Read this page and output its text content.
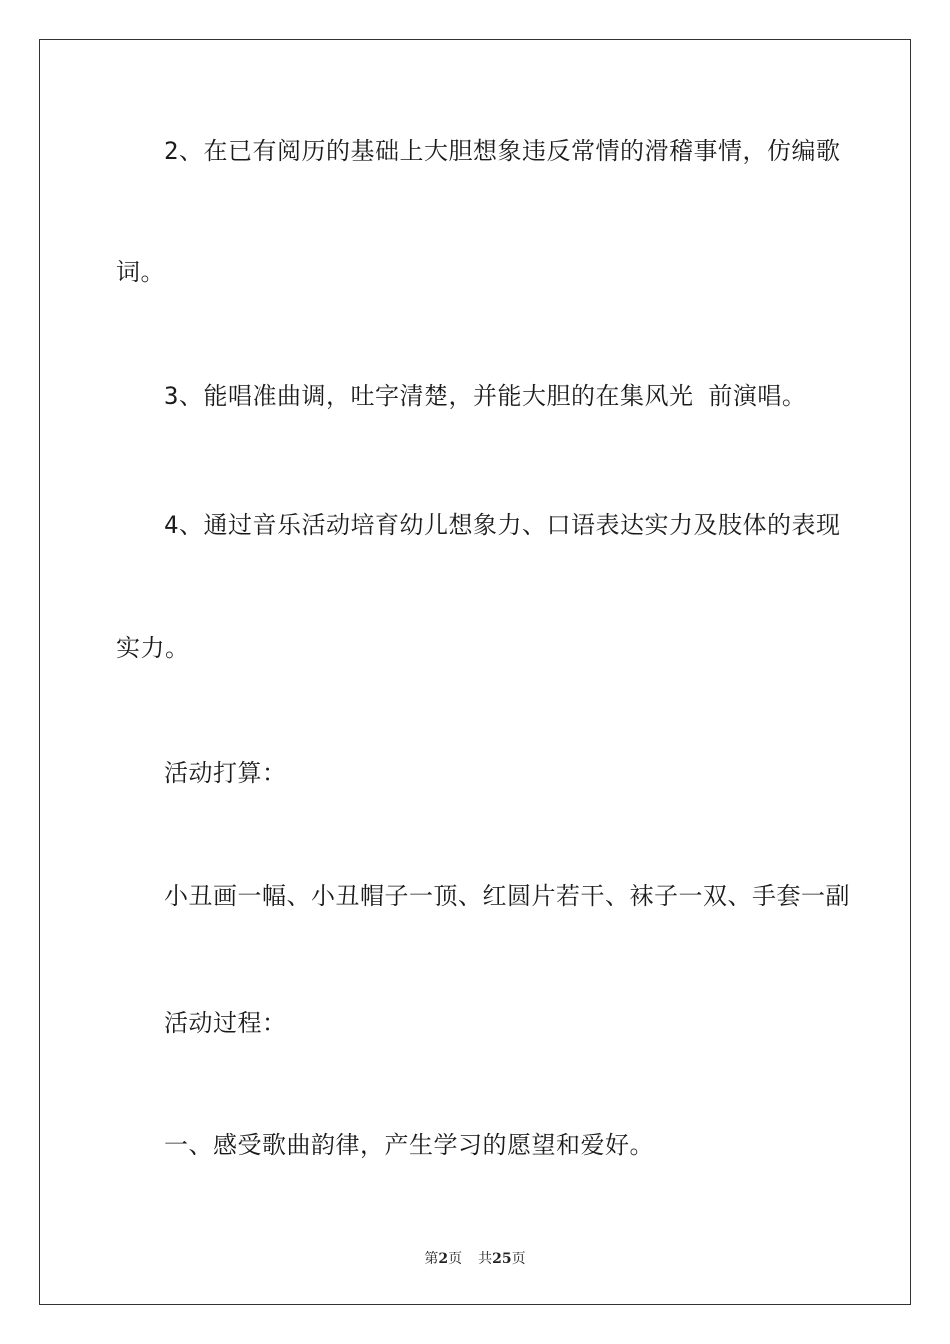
2、在已有阅历的基础上大胆想象违反常情的滑稽事情，仿编歌

词。

3、能唱准曲调，吐字清楚，并能大胆的在集风光 前演唱。

4、通过音乐活动培育幼儿想象力、口语表达实力及肢体的表现

实力。

活动打算：

小丑画一幅、小丑帽子一顶、红圆片若干、袜子一双、手套一副

活动过程：

一、感受歌曲韵律，产生学习的愿望和爱好。

第2页 共25页
